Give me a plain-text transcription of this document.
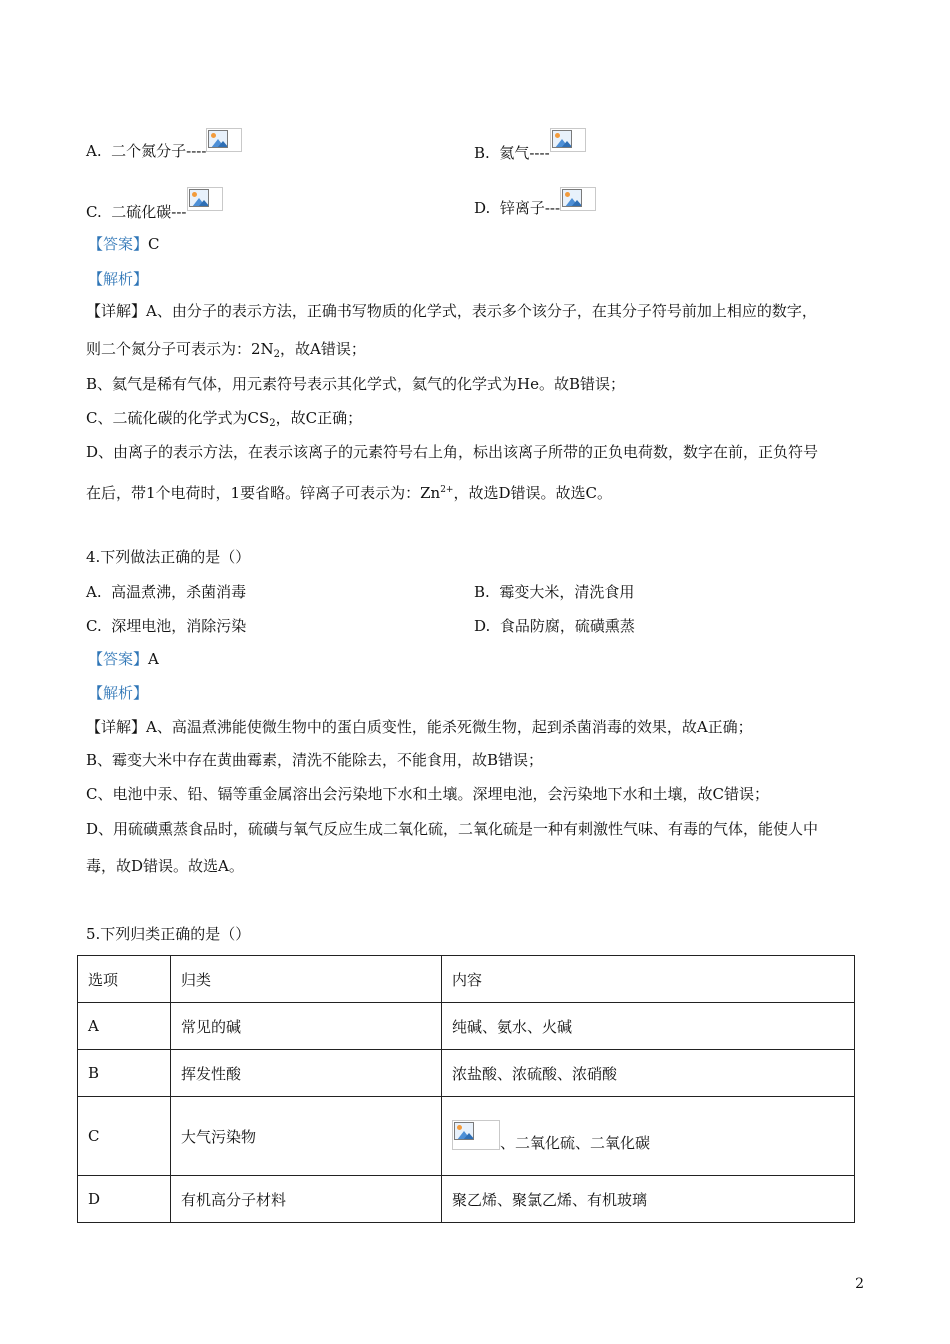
A. 二个氮分子----	B. 氦气----
C. 二硫化碳---	D. 锌离子---
【答案】C
【解析】
【详解】A、由分子的表示方法，正确书写物质的化学式，表示多个该分子，在其分子符号前加上相应的数字，
则二个氮分子可表示为：$2N_2$，故A错误；
B、氦气是稀有气体，用元素符号表示其化学式，氦气的化学式为He。故B错误；
C、二硫化碳的化学式为$CS_2$，故C正确；
D、由离子的表示方法，在表示该离子的元素符号右上角，标出该离子所带的正负电荷数，数字在前，正负符号
在后，带1个电荷时，1要省略。锌离子可表示为：$Zn^{2+}$，故选D错误。故选C。
4.下列做法正确的是（）
A. 高温煮沸，杀菌消毒	B. 霉变大米，清洗食用
C. 深埋电池，消除污染	D. 食品防腐，硫磺熏蒸
【答案】A
【解析】
【详解】A、高温煮沸能使微生物中的蛋白质变性，能杀死微生物，起到杀菌消毒的效果，故A正确；
B、霉变大米中存在黄曲霉素，清洗不能除去，不能食用，故B错误；
C、电池中汞、铅、镉等重金属溶出会污染地下水和土壤。深埋电池，会污染地下水和土壤，故C错误；
D、用硫磺熏蒸食品时，硫磺与氧气反应生成二氧化硫，二氧化硫是一种有刺激性气味、有毒的气体，能使人中
毒，故D错误。故选A。
5.下列归类正确的是（）
选项	归类	内容
A	常见的碱	纯碱、氨水、火碱
B	挥发性酸	浓盐酸、浓硫酸、浓硝酸
C	大气污染物	、二氧化硫、二氧化碳
D	有机高分子材料	聚乙烯、聚氯乙烯、有机玻璃
2
